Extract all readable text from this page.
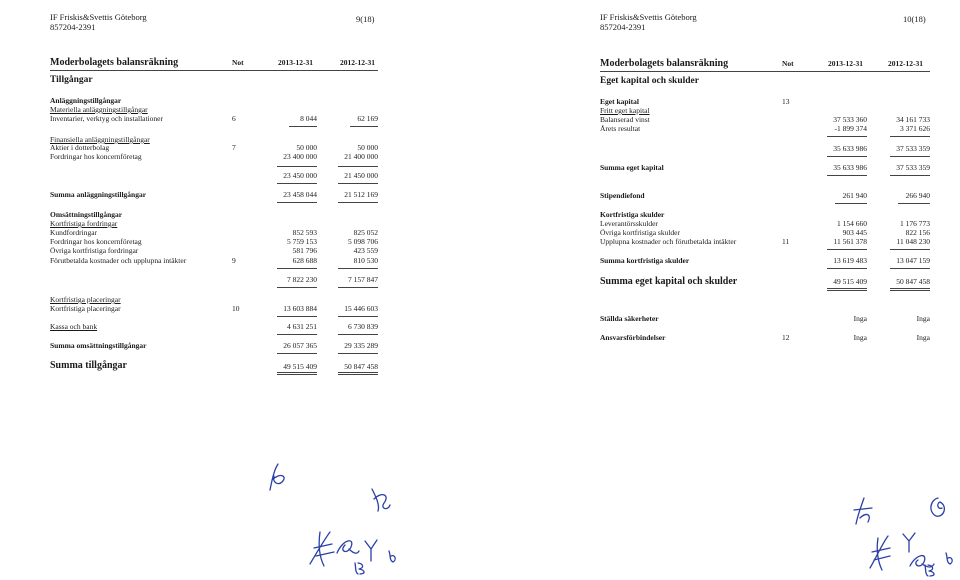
IF Friskis&Svettis Göteborg
857204-2391
9(18)
Moderbolagets balansräkning	Not	2013-12-31	2012-12-31
Tillgångar
Anläggningstillgångar
Materiella anläggningstillgångar
Inventarier, verktyg och installationer	6	8 044	62 169
Finansiella anläggningstillgångar
Aktier i dotterbolag	7	50 000	50 000
Fordringar hos koncernföretag	23 400 000	21 400 000
23 450 000	21 450 000
Summa anläggningstillgångar	23 458 044	21 512 169
Omsättningstillgångar
Kortfristiga fordringar
Kundfordringar	852 593	825 052
Fordringar hos koncernföretag	5 759 153	5 098 706
Övriga kortfristiga fordringar	581 796	423 559
Förutbetalda kostnader och upplupna intäkter	9	628 688	810 530
7 822 230	7 157 847
Kortfristiga placeringar
Kortfristiga placeringar	10	13 603 884	15 446 603
Kassa och bank	4 631 251	6 730 839
Summa omsättningstillgångar	26 057 365	29 335 289
Summa tillgångar	49 515 409	50 847 458
IF Friskis&Svettis Göteborg
857204-2391
10(18)
Moderbolagets balansräkning	Not	2013-12-31	2012-12-31
Eget kapital och skulder
Eget kapital	13
Fritt eget kapital
Balanserad vinst	37 533 360	34 161 733
Årets resultat	-1 899 374	3 371 626
35 633 986	37 533 359
Summa eget kapital	35 633 986	37 533 359
Stipendiefond	261 940	266 940
Kortfristiga skulder
Leverantörsskulder	1 154 660	1 176 773
Övriga kortfristiga skulder	903 445	822 156
Upplupna kostnader och förutbetalda intäkter	11	11 561 378	11 048 230
Summa kortfristiga skulder	13 619 483	13 047 159
Summa eget kapital och skulder	49 515 409	50 847 458
Ställda säkerheter	Inga	Inga
Ansvarsförbindelser	12	Inga	Inga
